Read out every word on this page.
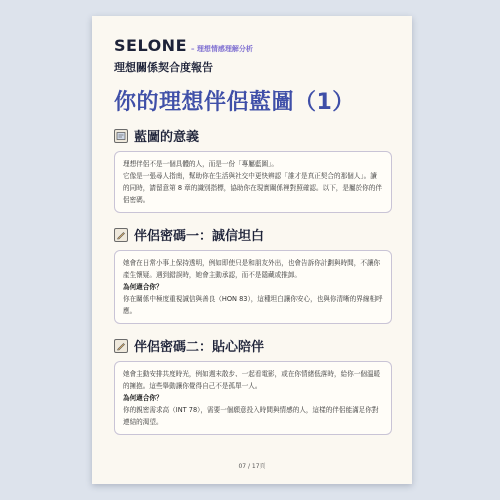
SELONE – 理想情感理解分析
理想關係契合度報告
你的理想伴侶藍圖（1）
藍圖的意義

理想伴侶不是一個具體的人，而是一份「專屬藍圖」。

它像是一張尋人指南，幫助你在生活與社交中更快辨認「誰才是真正契合的那個人」。讀的同時，請留意第 8 章的識別指標，協助你在現實關係裡對照確認。以下，是屬於你的伴侶密碼。

伴侶密碼一：誠信坦白

她會在日常小事上保持透明，例如即使只是和朋友外出，也會告訴你計劃與時間，不讓你產生懷疑。遇到錯誤時，她會主動承認，而不是隱藏或推卸。

為何適合你？

你在關係中極度重視誠信與善良（HON 83），這種坦白讓你安心，也與你清晰的界線相呼應。

伴侶密碼二：貼心陪伴

她會主動安排共度時光，例如週末散步、一起看電影，或在你情緒低落時，給你一個溫暖的擁抱。這些舉動讓你覺得自己不是孤單一人。

為何適合你？

你的親密需求高（INT 78），需要一個願意投入時間與情感的人，這樣的伴侶能滿足你對連結的渴望。

07 / 17頁
